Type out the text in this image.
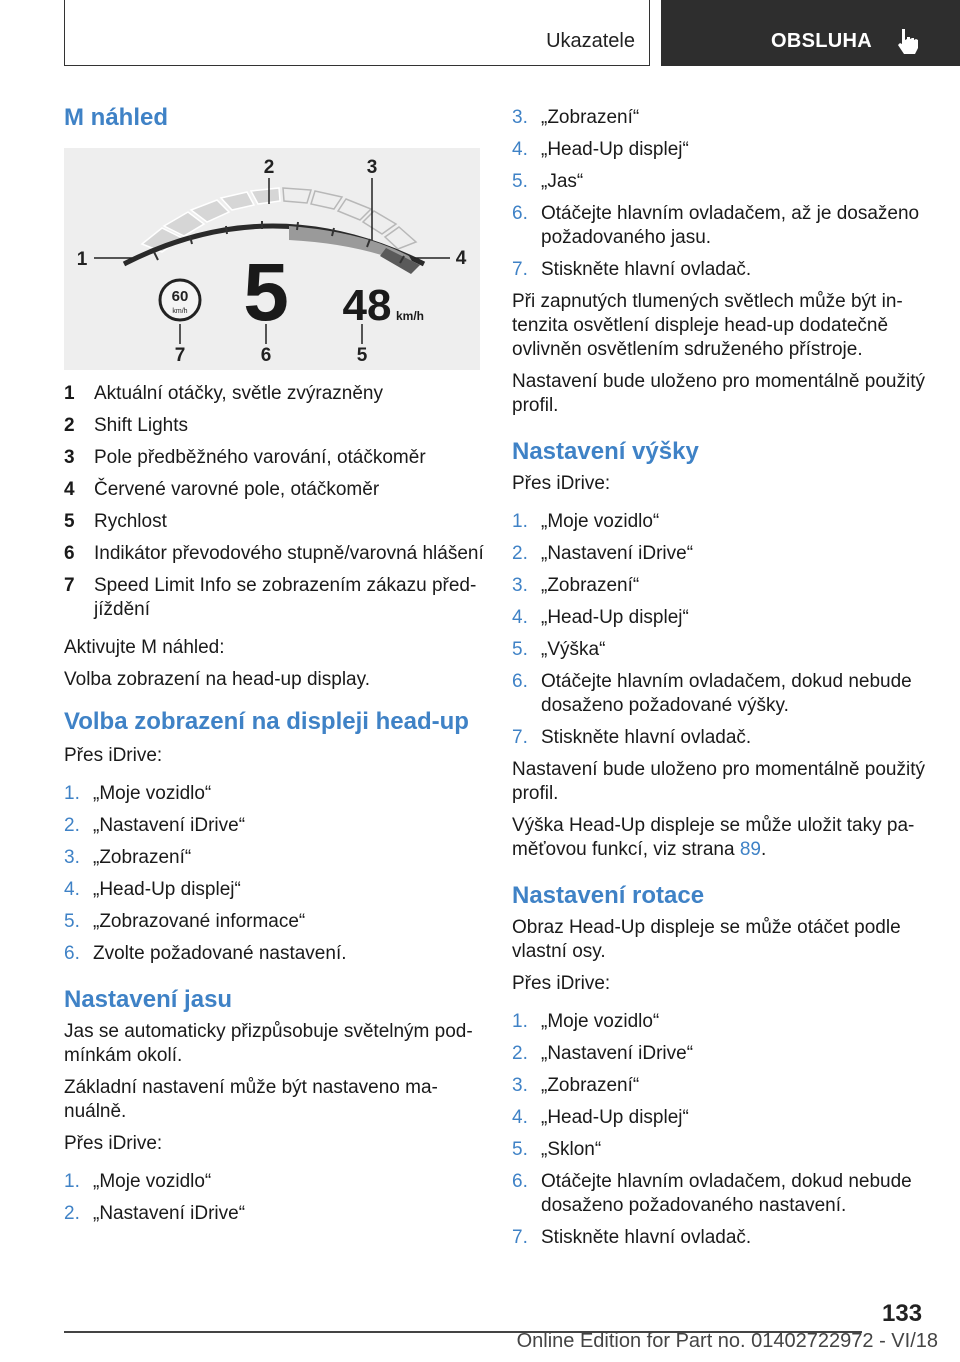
Ukazatele	OBSLUHA
M náhled
60
km/h 5 48 km/h
1
2	3
4
5
6
7
1	Aktuální otáčky, světle zvýrazněny
2	Shift Lights
3	Pole předběžného varování, otáčkoměr
4	Červené varovné pole, otáčkoměr
5	Rychlost
6	Indikátor převodového stupně/varovná hlášení
7	Speed Limit Info se zobrazením zákazu před‐jíždění

Aktivujte M náhled:

Volba zobrazení na head-up display.

Volba zobrazení na displeji head-up

Přes iDrive:

1. „Moje vozidlo“
2. „Nastavení iDrive“
3. „Zobrazení“
4. „Head-Up displej“
5. „Zobrazované informace“
6. Zvolte požadované nastavení.
Nastavení jasu

Jas se automaticky přizpůsobuje světelným pod‐mínkám okolí.

Základní nastavení může být nastaveno ma‐nuálně.

Přes iDrive:

1. „Moje vozidlo“
2. „Nastavení iDrive“
3. „Zobrazení“
4. „Head-Up displej“
5. „Jas“
6. Otáčejte hlavním ovladačem, až je dosaženo požadovaného jasu.
7. Stiskněte hlavní ovladač.

Při zapnutých tlumených světlech může být in‐tenzita osvětlení displeje head-up dodatečně ovlivněn osvětlením sdruženého přístroje.

Nastavení bude uloženo pro momentálně použitý profil.

Nastavení výšky

Přes iDrive:

1. „Moje vozidlo“
2. „Nastavení iDrive“
3. „Zobrazení“
4. „Head-Up displej“
5. „Výška“
6. Otáčejte hlavním ovladačem, dokud nebude dosaženo požadované výšky.
7. Stiskněte hlavní ovladač.

Nastavení bude uloženo pro momentálně použitý profil.

Výška Head-Up displeje se může uložit taky pa‐měťovou funkcí, viz strana 89.

Nastavení rotace

Obraz Head-Up displeje se může otáčet podle vlastní osy.

Přes iDrive:

1. „Moje vozidlo“
2. „Nastavení iDrive“
3. „Zobrazení“
4. „Head-Up displej“
5. „Sklon“
6. Otáčejte hlavním ovladačem, dokud nebude dosaženo požadovaného nastavení.
7. Stiskněte hlavní ovladač.
133
Online Edition for Part no. 01402722972 - VI/18
